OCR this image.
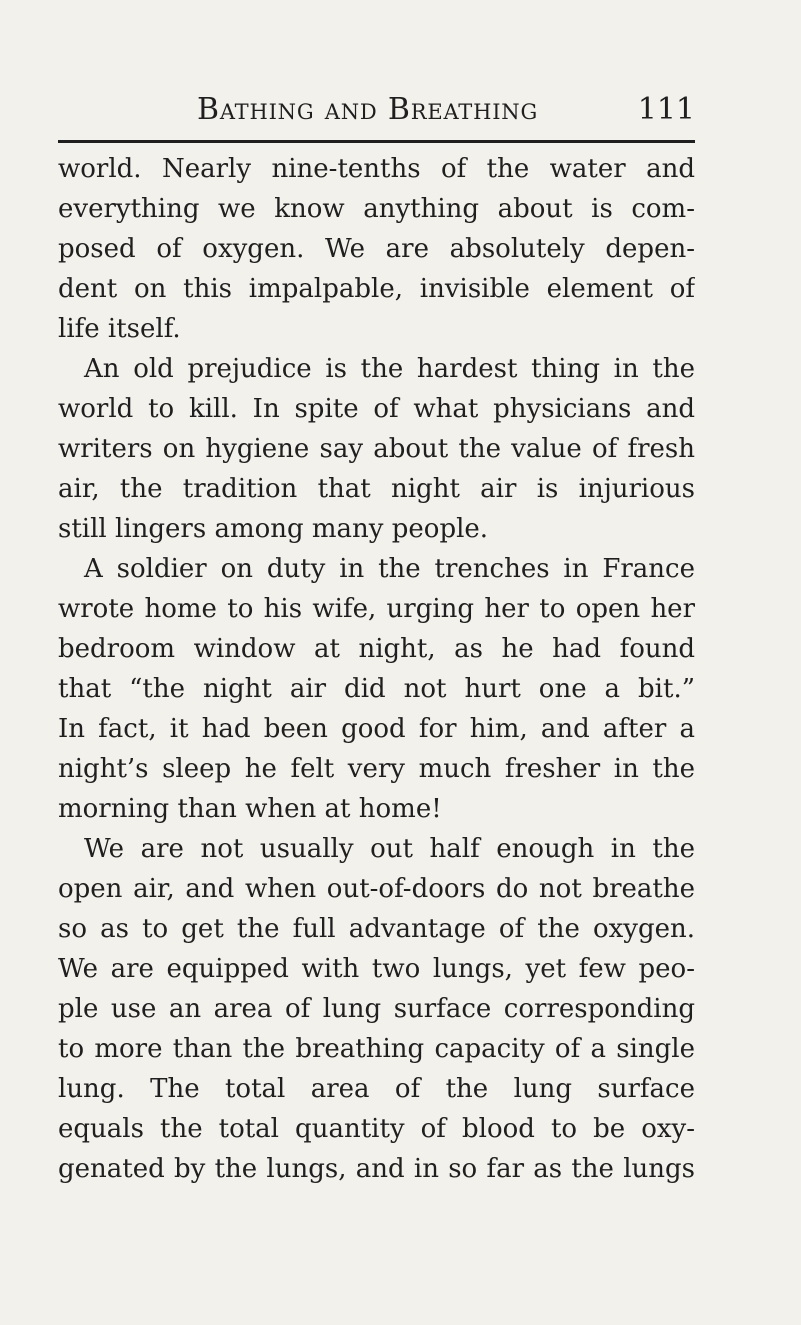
Bathing and Breathing	111
world. Nearly nine-tenths of the water and
everything we know anything about is com-
posed of oxygen. We are absolutely depen-
dent on this impalpable, invisible element of
life itself.
An old prejudice is the hardest thing in the
world to kill. In spite of what physicians and
writers on hygiene say about the value of fresh
air, the tradition that night air is injurious
still lingers among many people.
A soldier on duty in the trenches in France
wrote home to his wife, urging her to open her
bedroom window at night, as he had found
that “the night air did not hurt one a bit.”
In fact, it had been good for him, and after a
night’s sleep he felt very much fresher in the
morning than when at home!
We are not usually out half enough in the
open air, and when out-of-doors do not breathe
so as to get the full advantage of the oxygen.
We are equipped with two lungs, yet few peo-
ple use an area of lung surface corresponding
to more than the breathing capacity of a single
lung. The total area of the lung surface
equals the total quantity of blood to be oxy-
genated by the lungs, and in so far as the lungs
